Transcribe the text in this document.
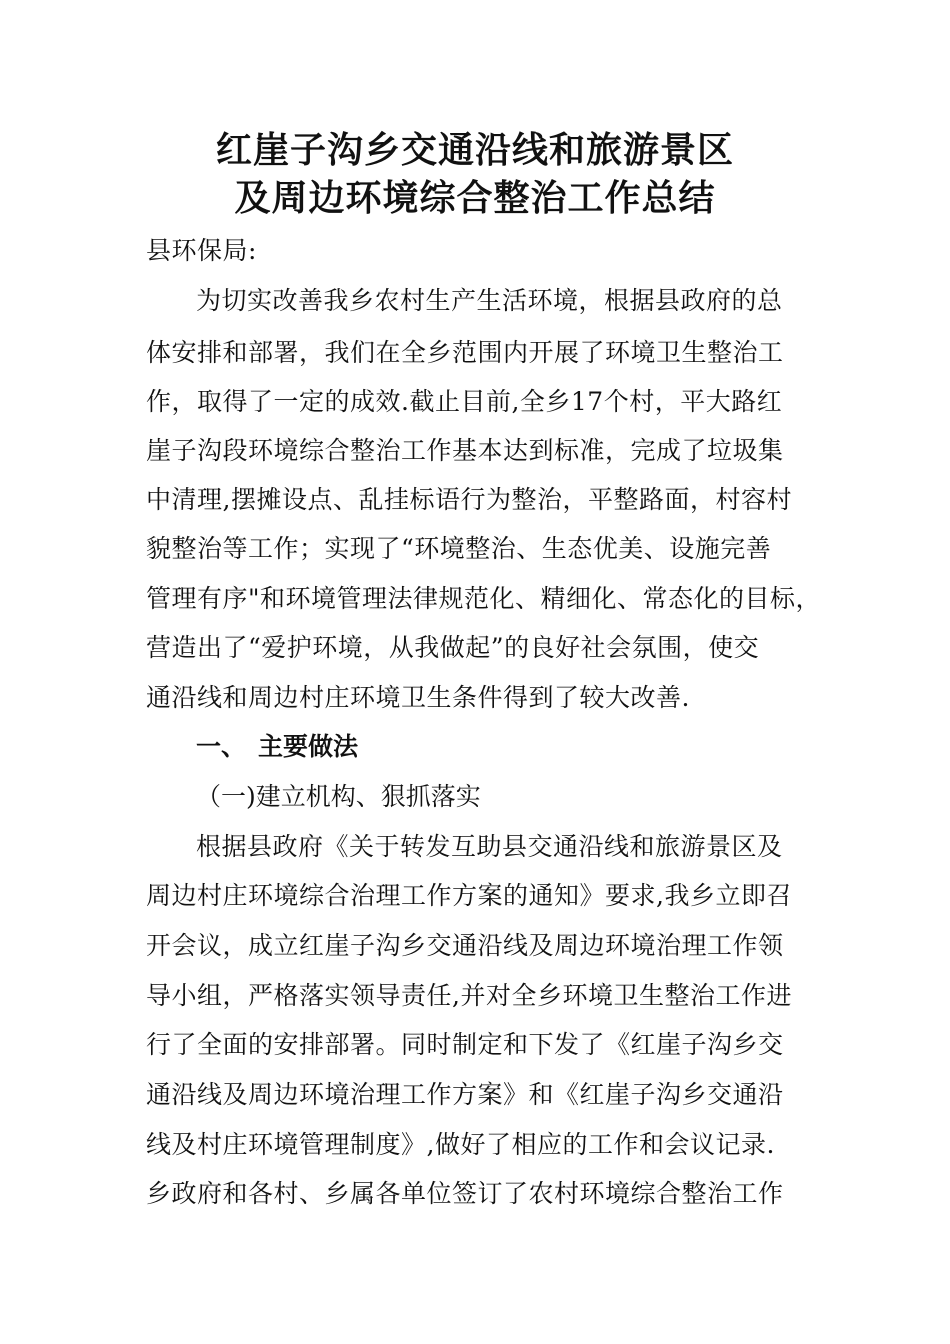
红崖子沟乡交通沿线和旅游景区
及周边环境综合整治工作总结
县环保局:
为切实改善我乡农村生产生活环境，根据县政府的总
体安排和部署，我们在全乡范围内开展了环境卫生整治工
作，取得了一定的成效.截止目前,全乡17个村，平大路红
崖子沟段环境综合整治工作基本达到标准，完成了垃圾集
中清理,摆摊设点、乱挂标语行为整治，平整路面，村容村
貌整治等工作；实现了“环境整治、生态优美、设施完善
管理有序"和环境管理法律规范化、精细化、常态化的目标，
营造出了“爱护环境，从我做起”的良好社会氛围，使交
通沿线和周边村庄环境卫生条件得到了较大改善.
一、 主要做法
（一)建立机构、狠抓落实
根据县政府《关于转发互助县交通沿线和旅游景区及
周边村庄环境综合治理工作方案的通知》要求,我乡立即召
开会议，成立红崖子沟乡交通沿线及周边环境治理工作领
导小组，严格落实领导责任,并对全乡环境卫生整治工作进
行了全面的安排部署。同时制定和下发了《红崖子沟乡交
通沿线及周边环境治理工作方案》和《红崖子沟乡交通沿
线及村庄环境管理制度》,做好了相应的工作和会议记录.
乡政府和各村、乡属各单位签订了农村环境综合整治工作
